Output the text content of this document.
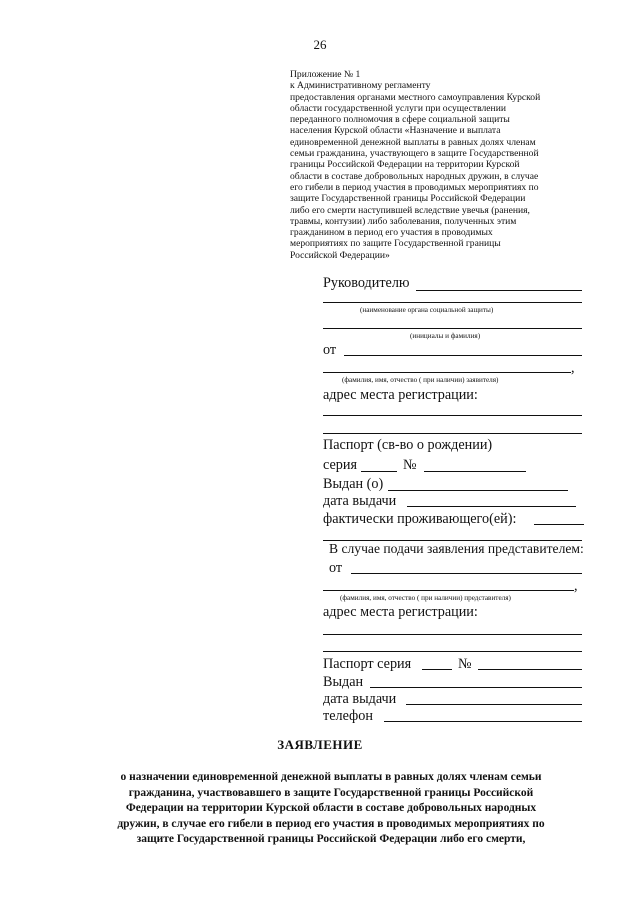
26
Приложение № 1
к Административному регламенту
предоставления органами местного самоуправления Курской
области государственной услуги при осуществлении
переданного полномочия в сфере социальной защиты
населения Курской области «Назначение и выплата
единовременной денежной выплаты в равных долях членам
семьи гражданина, участвующего в защите Государственной
границы Российской Федерации на территории Курской
области в составе добровольных народных дружин, в случае
его гибели в период участия в проводимых мероприятиях по
защите Государственной границы Российской Федерации
либо его смерти наступившей вследствие увечья (ранения,
травмы, контузии) либо заболевания, полученных этим
гражданином в период его участия в проводимых
мероприятиях по защите Государственной границы
Российской Федерации»
Руководителю
(наименование органа социальной защиты)
(инициалы и фамилия)
от
,
(фамилия, имя, отчество ( при наличии) заявителя)
адрес места регистрации:
Паспорт (св-во о рождении)
серия	№
Выдан (о)
дата выдачи
фактически проживающего(ей):
В случае подачи заявления представителем:
от
,
(фамилия, имя, отчество ( при наличии) представителя)
адрес места регистрации:
Паспорт серия	№
Выдан
дата выдачи
телефон
ЗАЯВЛЕНИЕ
о назначении единовременной денежной выплаты в равных долях членам семьи
гражданина, участвовавшего в защите Государственной границы Российской
Федерации на территории Курской области в составе добровольных народных
дружин, в случае его гибели в период его участия в проводимых мероприятиях по
защите Государственной границы Российской Федерации либо его смерти,
